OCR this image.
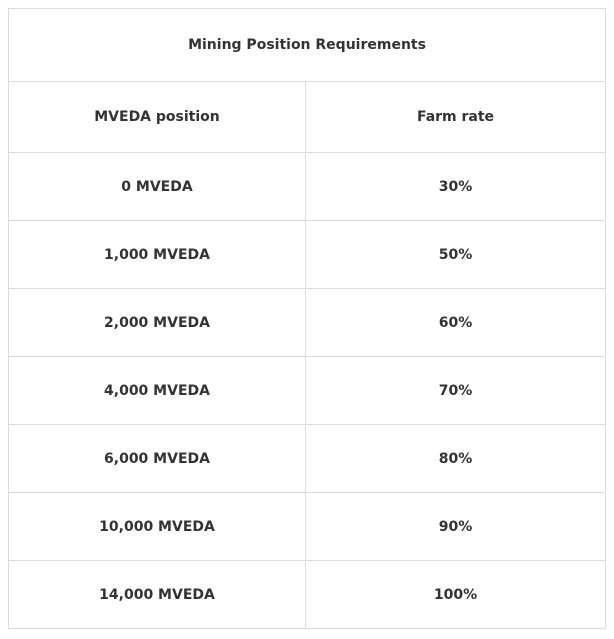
Mining Position Requirements	
MVEDA position	Farm rate
0 MVEDA	30%
1,000 MVEDA	50%
2,000 MVEDA	60%
4,000 MVEDA	70%
6,000 MVEDA	80%
10,000 MVEDA	90%
14,000 MVEDA	100%
